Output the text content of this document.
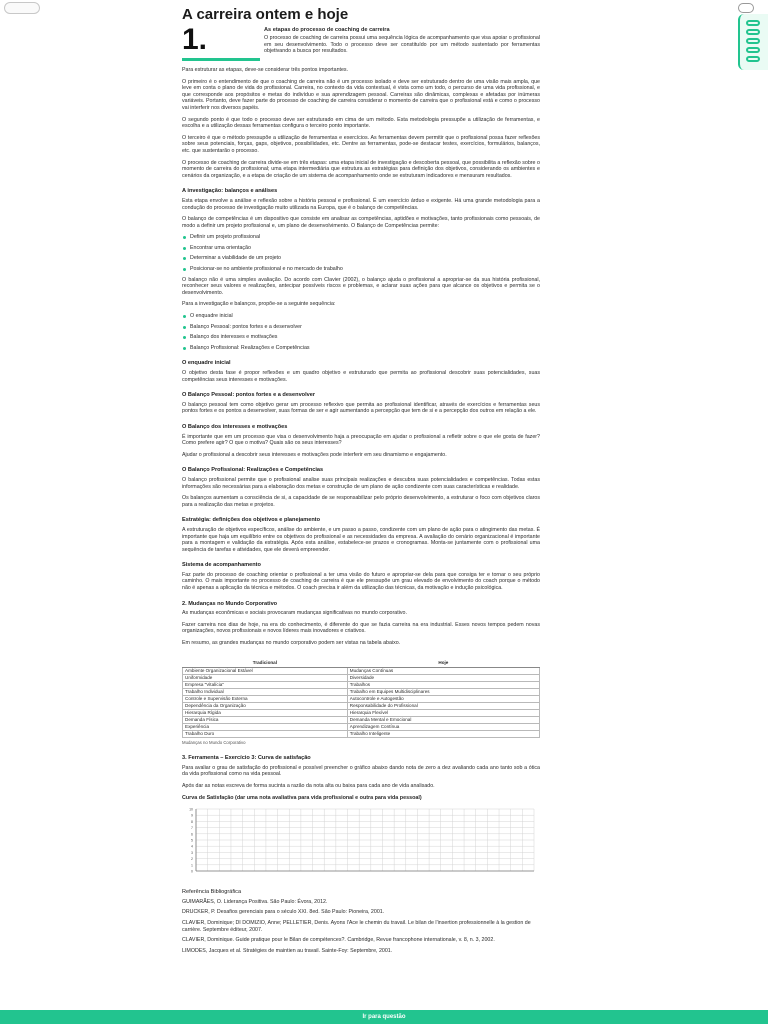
A carreira ontem e hoje
1.	As etapas do processo de coaching de carreira
O processo de coaching de carreira possui uma sequência lógica de acompanhamento que visa apoiar o profissional em seu desenvolvimento. Todo o processo deve ser constituído por um método sustentado por ferramentas objetivando a busca por resultados.

Para estruturar as etapas, deve-se considerar três pontos importantes.

O primeiro é o entendimento de que o coaching de carreira não é um processo isolado e deve ser estruturado dentro de uma visão mais ampla, que leve em conta o plano de vida do profissional. Carreira, no contexto da vida contextual, é vista como um todo, o percurso de uma vida profissional, e que corresponde aos propósitos e metas do indivíduo e sua aprendizagem pessoal. Carreiras são dinâmicas, complexas e afetadas por inúmeras variáveis. Portanto, deve fazer parte do processo de coaching de carreira considerar o momento de carreira que o profissional está e como o processo vai interferir nos diversos papéis.

O segundo ponto é que todo o processo deve ser estruturado em cima de um método. Esta metodologia pressupõe a utilização de ferramentas, e escolha e a utilização dessas ferramentas configura o terceiro ponto importante.

O terceiro é que o método pressupõe a utilização de ferramentas e exercícios. As ferramentas devem permitir que o profissional possa fazer reflexões sobre seus potenciais, forças, gaps, objetivos, possibilidades, etc. Dentre as ferramentas, pode-se destacar testes, exercícios, formulários, balanços, etc. que sustentarão o processo.

O processo de coaching de carreira divide-se em três etapas: uma etapa inicial de investigação e descoberta pessoal, que possibilita a reflexão sobre o momento de carreira do profissional; uma etapa intermediária que estrutura as estratégias para definição dos objetivos, considerando os ambientes e cenários da organização, e a etapa de criação de um sistema de acompanhamento onde se estruturam indicadores e mensuram resultados.

A investigação: balanços e análises

Esta etapa envolve a análise e reflexão sobre a história pessoal e profissional. É um exercício árduo e exigente. Há uma grande metodologia para a condução do processo de investigação muito utilizada na Europa, que é o balanço de competências.

O balanço de competências é um dispositivo que consiste em analisar as competências, aptidões e motivações, tanto profissionais como pessoais, de modo a definir um projeto profissional e, um plano de desenvolvimento. O Balanço de Competências permite:

Definir um projeto profissional
Encontrar uma orientação
Determinar a viabilidade de um projeto
Posicionar-se no ambiente profissional e no mercado de trabalho

O balanço não é uma simples avaliação. Do acordo com Clavier (2002), o balanço ajuda o profissional a apropriar-se da sua história profissional, reconhecer seus valores e realizações, antecipar possíveis riscos e problemas, e aclarar suas ações para que alcance os objetivos e permita se o desenvolvimento.

Para a investigação e balanços, propõe-se a seguinte sequência:

O enquadre inicial
Balanço Pessoal: pontos fortes e a desenvolver
Balanço dos interesses e motivações
Balanço Profissional: Realizações e Competências
O enquadre inicial

O objetivo desta fase é propor reflexões e um quadro objetivo e estruturado que permita ao profissional descobrir suas potencialidades, suas competências seus interesses e motivações.

O Balanço Pessoal: pontos fortes e a desenvolver

O balanço pessoal tem como objetivo gerar um processo reflexivo que permita ao profissional identificar, através de exercícios e ferramentas seus pontos fortes e os pontos a desenvolver, suas formas de ser e agir aumentando a percepção que tem de si e a percepção dos outros em relação a ele.

O Balanço dos interesses e motivações

É importante que em um processo que visa o desenvolvimento haja a preocupação em ajudar o profissional a refletir sobre o que ele gosta de fazer? Como prefere agir? O que o motiva? Quais são os seus interesses?

Ajudar o profissional a descobrir seus interesses e motivações pode interferir em seu dinamismo e engajamento.

O Balanço Profissional: Realizações e Competências

O balanço profissional permite que o profissional analise suas principais realizações e descubra suas potencialidades e competências. Todas estas informações são necessárias para a elaboração dos metas e construção de um plano de ação condizente com suas características e realidade.

Os balanços aumentam a consciência de si, a capacidade de se responsabilizar pelo próprio desenvolvimento, a estruturar o foco com objetivos claros para a realização das metas e projetos.

Estratégia: definições dos objetivos e planejamento

A estruturação de objetivos específicos, análise do ambiente, e um passo a passo, condizente com um plano de ação para o atingimento das metas. É importante que haja um equilíbrio entre os objetivos do profissional e as necessidades da empresa. A avaliação do cenário organizacional é importante para a montagem e validação da estratégia. Após esta análise, estabelece-se prazos e cronogramas. Monta-se juntamente com o profissional uma sequência de tarefas e atividades, que ele deverá empreender.

Sistema de acompanhamento

Faz parte do processo de coaching orientar o profissional a ter uma visão do futuro e apropriar-se dela para que consiga ter e tornar o seu próprio caminho. O mais importante no processo de coaching de carreira é que ele pressupõe um grau elevado de envolvimento do coach porque o método não é apenas a aplicação da técnica e métodos. O coach precisa ir além da utilização das técnicas, da motivação e indução psicológica.

2. Mudanças no Mundo Corporativo

As mudanças econômicas e sociais provocaram mudanças significativas no mundo corporativo.

Fazer carreira nos dias de hoje, na era do conhecimento, é diferente do que se fazia carreira na era industrial. Esses novos tempos pedem novas organizações, novos profissionais e novos líderes mais inovadores e criativos.

Em resumo, as grandes mudanças no mundo corporativo podem ser vistas na tabela abaixo.

Tradicional	Hoje
Ambiente Organizacional Estável	Mudanças Contínuas
Uniformidade	Diversidade
Empresa "Vitalícia"	Trabalhos
Trabalho Individual	Trabalho em Equipes Multidisciplinares
Controle e Supervisão Externa	Autocontrole e Autogestão
Dependência da Organização	Responsabilidade do Profissional
Hierarquia Rígida	Hierarquia Flexível
Demanda Física	Demanda Mental e Emocional
Experiência	Aprendizagem Contínua
Trabalho Duro	Trabalho Inteligente
Mudanças no Mundo Corporativo
3. Ferramenta – Exercício 3: Curva de satisfação

Para avaliar o grau de satisfação do profissional e possível preencher o gráfico abaixo dando nota de zero a dez avaliando cada ano tanto sob a ótica da vida profissional como na vida pessoal.

Após dar as notas escreva de forma sucinta a razão da nota alta ou baixa para cada ano de vida analisado.

Curva de Satisfação (dar uma nota avaliativa para vida profissional e outra para vida pessoal)
10
9
8
7
6
5
4
3
2
1
0
Referência Bibliográfica

GUIMARÃES, O. Liderança Positiva. São Paulo: Évora, 2012.

DRUCKER, P. Desafios gerenciais para o século XXI. 8ed. São Paulo: Pioneira, 2001.

CLAVIER, Dominique; DI DOMIZIO, Anne; PELLETIER, Denis. Ayons l'Ace le chemin du travail. Le bilan de l'insertion professionnelle à la gestion de carrière. Septembre éditeur, 2007.

CLAVIER, Dominique. Guide pratique pour le Bilan de compétences?. Cambridge, Revue francophone internationale, v. 8, n. 3, 2002.

LIMODES, Jacques et al. Stratégies de maintien au travail. Sainte-Foy: Septembre, 2001.

Ir para questão
